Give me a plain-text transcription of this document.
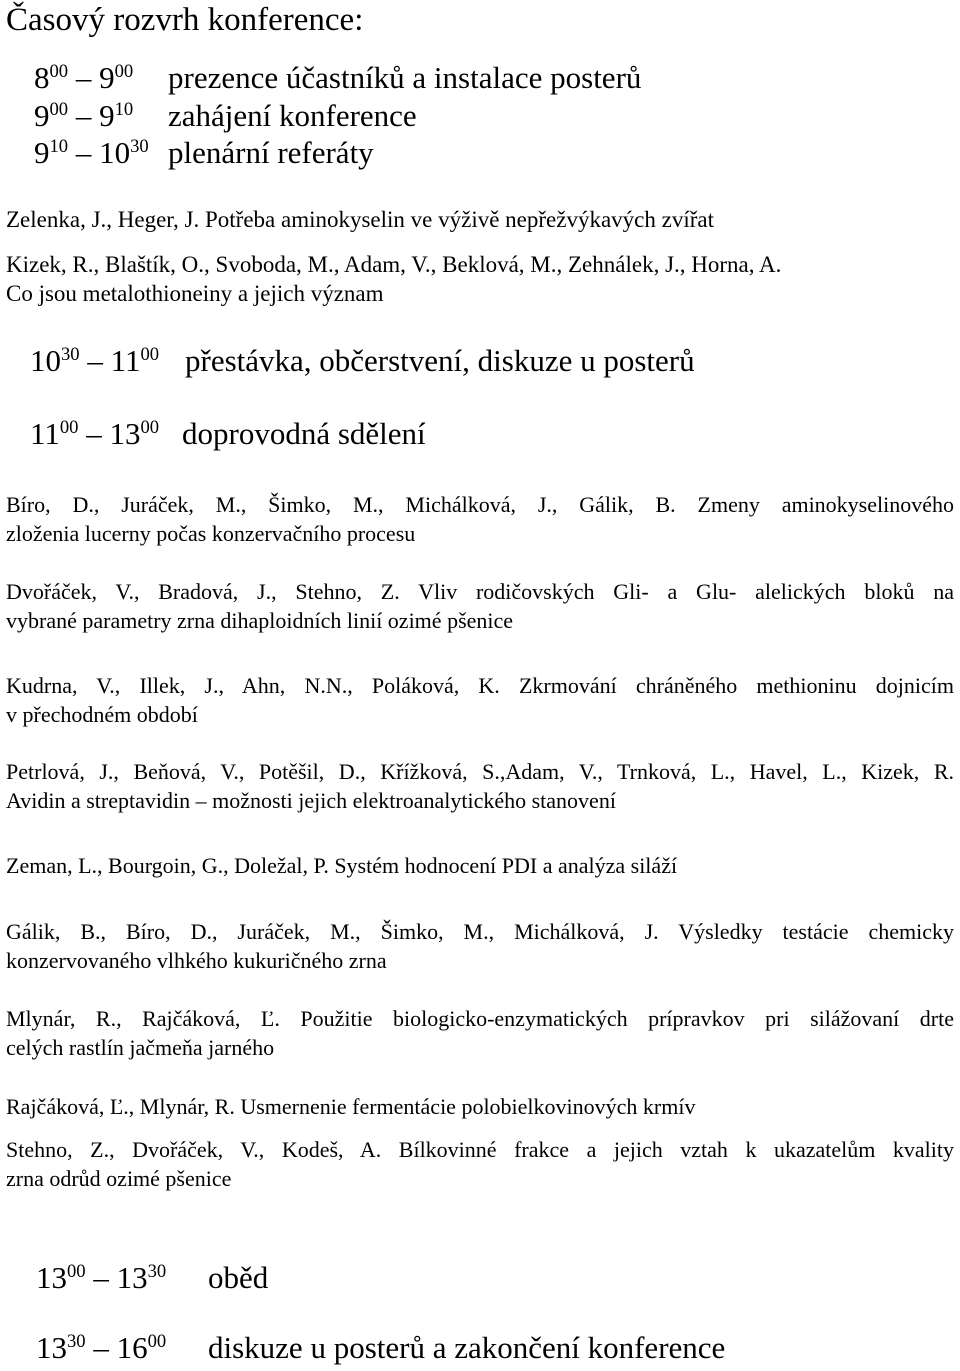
Časový rozvrh konference:
$8^{00} - 9^{00}$ prezence účastníků a instalace posterů
$9^{00} - 9^{10}$ zahájení konference
$9^{10} - 10^{30}$ plenární referáty
Zelenka, J., Heger, J. Potřeba aminokyselin ve výživě nepřežvýkavých zvířat
Kizek, R., Blaštík, O., Svoboda, M., Adam, V., Beklová, M., Zehnálek, J., Horna, A.
Co jsou metalothioneiny a jejich význam
$10^{30} - 11^{00}$ přestávka, občerstvení, diskuze u posterů
$11^{00} - 13^{00}$ doprovodná sdělení
Bíro, D., Juráček, M., Šimko, M., Michálková, J., Gálik, B. Zmeny aminokyselinového
zloženia lucerny počas konzervačního procesu
Dvořáček, V., Bradová, J., Stehno, Z. Vliv rodičovských Gli- a Glu- alelických bloků na
vybrané parametry zrna dihaploidních linií ozimé pšenice
Kudrna, V., Illek, J., Ahn, N.N., Poláková, K. Zkrmování chráněného methioninu dojnicím
v přechodném období
Petrlová, J., Beňová, V., Potěšil, D., Křížková, S.,Adam, V., Trnková, L., Havel, L., Kizek, R.
Avidin a streptavidin – možnosti jejich elektroanalytického stanovení
Zeman, L., Bourgoin, G., Doležal, P. Systém hodnocení PDI a analýza siláží
Gálik, B., Bíro, D., Juráček, M., Šimko, M., Michálková, J. Výsledky testácie chemicky
konzervovaného vlhkého kukuričného zrna
Mlynár, R., Rajčáková, Ľ. Použitie biologicko-enzymatických prípravkov pri silážovaní drte
celých rastlín jačmeňa jarného
Rajčáková, Ľ., Mlynár, R. Usmernenie fermentácie polobielkovinových krmív
Stehno, Z., Dvořáček, V., Kodeš, A. Bílkovinné frakce a jejich vztah k ukazatelům kvality
zrna odrůd ozimé pšenice
$13^{00} - 13^{30}$ oběd
$13^{30} - 16^{00}$ diskuze u posterů a zakončení konference
